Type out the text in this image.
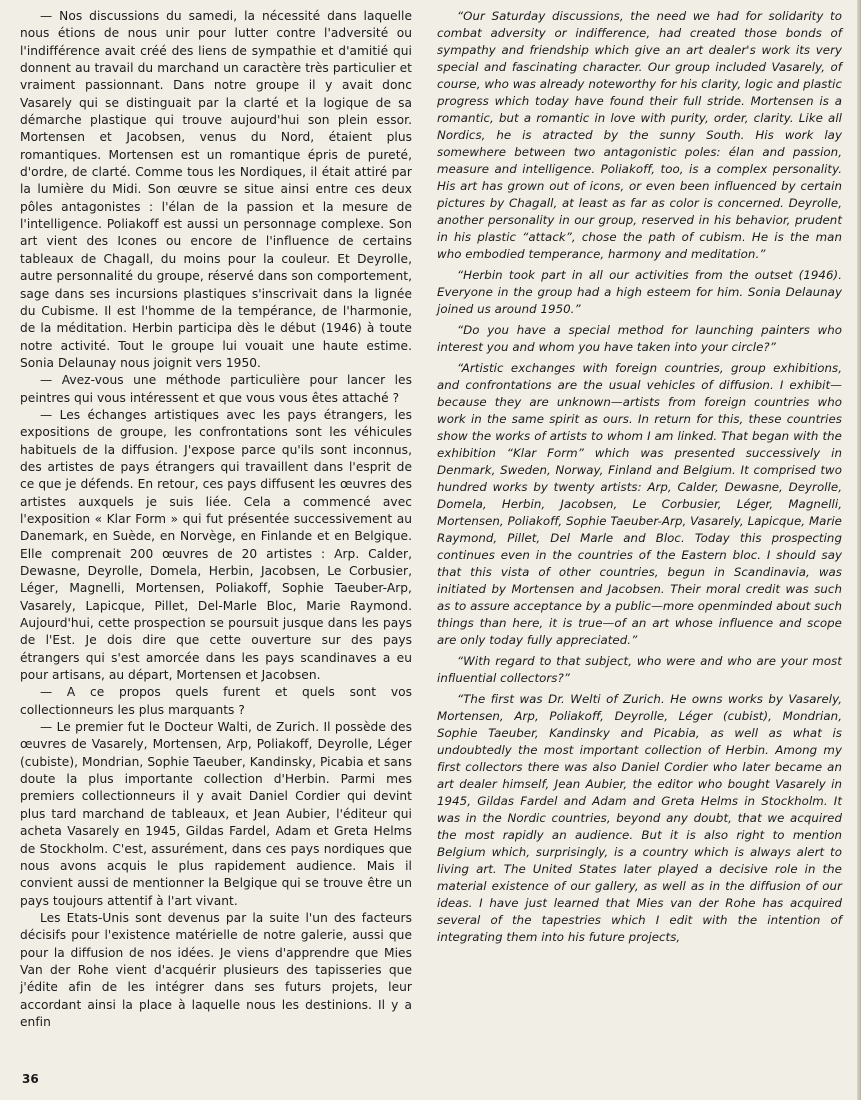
— Nos discussions du samedi, la nécessité dans laquelle nous étions de nous unir pour lutter contre l'adversité ou l'indifférence avait créé des liens de sympathie et d'amitié qui donnent au travail du marchand un caractère très particulier et vraiment passionnant. Dans notre groupe il y avait donc Vasarely qui se distinguait par la clarté et la logique de sa démarche plastique qui trouve aujourd'hui son plein essor. Mortensen et Jacobsen, venus du Nord, étaient plus romantiques. Mortensen est un romantique épris de pureté, d'ordre, de clarté. Comme tous les Nordiques, il était attiré par la lumière du Midi. Son œuvre se situe ainsi entre ces deux pôles antagonistes : l'élan de la passion et la mesure de l'intelligence. Poliakoff est aussi un personnage complexe. Son art vient des Icones ou encore de l'influence de certains tableaux de Chagall, du moins pour la couleur. Et Deyrolle, autre personnalité du groupe, réservé dans son comportement, sage dans ses incursions plastiques s'inscrivait dans la lignée du Cubisme. Il est l'homme de la tempérance, de l'harmonie, de la méditation. Herbin participa dès le début (1946) à toute notre activité. Tout le groupe lui vouait une haute estime. Sonia Delaunay nous joignit vers 1950.

— Avez-vous une méthode particulière pour lancer les peintres qui vous intéressent et que vous vous êtes attaché ?

— Les échanges artistiques avec les pays étrangers, les expositions de groupe, les confrontations sont les véhicules habituels de la diffusion. J'expose parce qu'ils sont inconnus, des artistes de pays étrangers qui travaillent dans l'esprit de ce que je défends. En retour, ces pays diffusent les œuvres des artistes auxquels je suis liée. Cela a commencé avec l'exposition « Klar Form » qui fut présentée successivement au Danemark, en Suède, en Norvège, en Finlande et en Belgique. Elle comprenait 200 œuvres de 20 artistes : Arp. Calder, Dewasne, Deyrolle, Domela, Herbin, Jacobsen, Le Corbusier, Léger, Magnelli, Mortensen, Poliakoff, Sophie Taeuber-Arp, Vasarely, Lapicque, Pillet, Del-Marle Bloc, Marie Raymond. Aujourd'hui, cette prospection se poursuit jusque dans les pays de l'Est. Je dois dire que cette ouverture sur des pays étrangers qui s'est amorcée dans les pays scandinaves a eu pour artisans, au départ, Mortensen et Jacobsen.

— A ce propos quels furent et quels sont vos collectionneurs les plus marquants ?

— Le premier fut le Docteur Walti, de Zurich. Il possède des œuvres de Vasarely, Mortensen, Arp, Poliakoff, Deyrolle, Léger (cubiste), Mondrian, Sophie Taeuber, Kandinsky, Picabia et sans doute la plus importante collection d'Herbin. Parmi mes premiers collectionneurs il y avait Daniel Cordier qui devint plus tard marchand de tableaux, et Jean Aubier, l'éditeur qui acheta Vasarely en 1945, Gildas Fardel, Adam et Greta Helms de Stockholm. C'est, assurément, dans ces pays nordiques que nous avons acquis le plus rapidement audience. Mais il convient aussi de mentionner la Belgique qui se trouve être un pays toujours attentif à l'art vivant.

Les Etats-Unis sont devenus par la suite l'un des facteurs décisifs pour l'existence matérielle de notre galerie, aussi que pour la diffusion de nos idées. Je viens d'apprendre que Mies Van der Rohe vient d'acquérir plusieurs des tapisseries que j'édite afin de les intégrer dans ses futurs projets, leur accordant ainsi la place à laquelle nous les destinions. Il y a enfin

“Our Saturday discussions, the need we had for solidarity to combat adversity or indifference, had created those bonds of sympathy and friendship which give an art dealer's work its very special and fascinating character. Our group included Vasarely, of course, who was already noteworthy for his clarity, logic and plastic progress which today have found their full stride. Mortensen is a romantic, but a romantic in love with purity, order, clarity. Like all Nordics, he is atracted by the sunny South. His work lay somewhere between two antagonistic poles: élan and passion, measure and intelligence. Poliakoff, too, is a complex personality. His art has grown out of icons, or even been influenced by certain pictures by Chagall, at least as far as color is concerned. Deyrolle, another personality in our group, reserved in his behavior, prudent in his plastic “attack”, chose the path of cubism. He is the man who embodied temperance, harmony and meditation.”

“Herbin took part in all our activities from the outset (1946). Everyone in the group had a high esteem for him. Sonia Delaunay joined us around 1950.”

“Do you have a special method for launching painters who interest you and whom you have taken into your circle?”

“Artistic exchanges with foreign countries, group exhibitions, and confrontations are the usual vehicles of diffusion. I exhibit—because they are unknown—artists from foreign countries who work in the same spirit as ours. In return for this, these countries show the works of artists to whom I am linked. That began with the exhibition “Klar Form” which was presented successively in Denmark, Sweden, Norway, Finland and Belgium. It comprised two hundred works by twenty artists: Arp, Calder, Dewasne, Deyrolle, Domela, Herbin, Jacobsen, Le Corbusier, Léger, Magnelli, Mortensen, Poliakoff, Sophie Taeuber-Arp, Vasarely, Lapicque, Marie Raymond, Pillet, Del Marle and Bloc. Today this prospecting continues even in the countries of the Eastern bloc. I should say that this vista of other countries, begun in Scandinavia, was initiated by Mortensen and Jacobsen. Their moral credit was such as to assure acceptance by a public—more openminded about such things than here, it is true—of an art whose influence and scope are only today fully appreciated.”

“With regard to that subject, who were and who are your most influential collectors?”

“The first was Dr. Welti of Zurich. He owns works by Vasarely, Mortensen, Arp, Poliakoff, Deyrolle, Léger (cubist), Mondrian, Sophie Taeuber, Kandinsky and Picabia, as well as what is undoubtedly the most important collection of Herbin. Among my first collectors there was also Daniel Cordier who later became an art dealer himself, Jean Aubier, the editor who bought Vasarely in 1945, Gildas Fardel and Adam and Greta Helms in Stockholm. It was in the Nordic countries, beyond any doubt, that we acquired the most rapidly an audience. But it is also right to mention Belgium which, surprisingly, is a country which is always alert to living art. The United States later played a decisive role in the material existence of our gallery, as well as in the diffusion of our ideas. I have just learned that Mies van der Rohe has acquired several of the tapestries which I edit with the intention of integrating them into his future projects,

36
